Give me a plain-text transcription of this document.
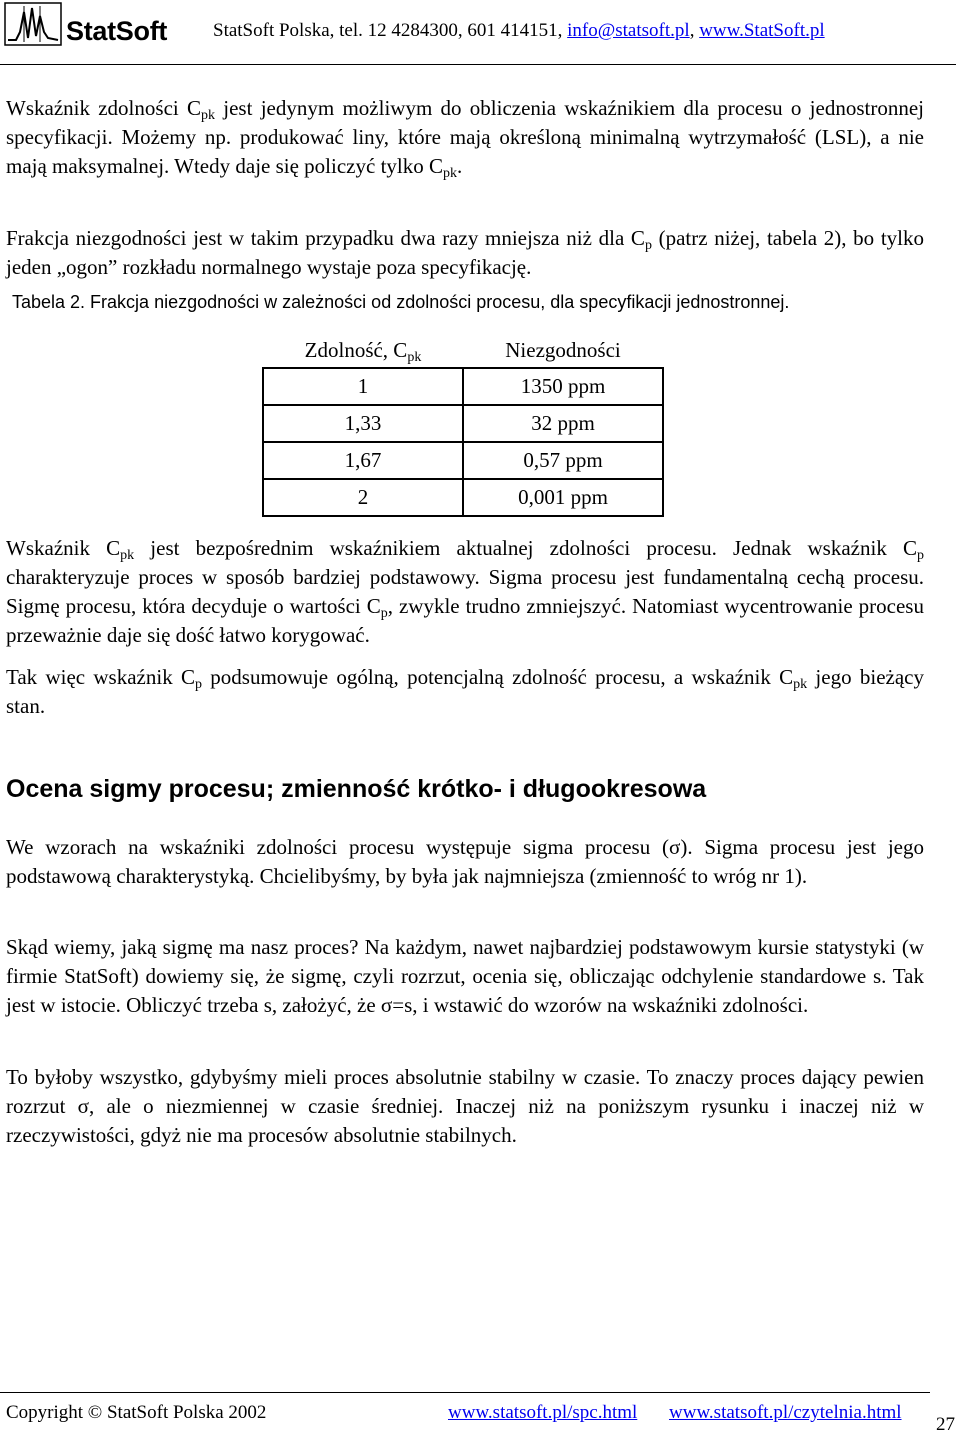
StatSoft StatSoft Polska, tel. 12 4284300, 601 414151, info@statsoft.pl, www.StatSoft.pl
Wskaźnik zdolności $C_{pk}$ jest jedynym możliwym do obliczenia wskaźnikiem dla procesu o jednostronnej specyfikacji. Możemy np. produkować liny, które mają określoną minimalną wytrzymałość (LSL), a nie mają maksymalnej. Wtedy daje się policzyć tylko $C_{pk}$.
Frakcja niezgodności jest w takim przypadku dwa razy mniejsza niż dla $C_p$ (patrz niżej, tabela 2), bo tylko jeden „ogon” rozkładu normalnego wystaje poza specyfikację.
Tabela 2. Frakcja niezgodności w zależności od zdolności procesu, dla specyfikacji jednostronnej.
Zdolność, $C_{pk}$	Niezgodności
1	1350 ppm
1,33	32 ppm
1,67	0,57 ppm
2	0,001 ppm
Wskaźnik $C_{pk}$ jest bezpośrednim wskaźnikiem aktualnej zdolności procesu. Jednak wskaźnik $C_p$ charakteryzuje proces w sposób bardziej podstawowy. Sigma procesu jest fundamentalną cechą procesu. Sigmę procesu, która decyduje o wartości $C_p$, zwykle trudno zmniejszyć. Natomiast wycentrowanie procesu przeważnie daje się dość łatwo korygować.
Tak więc wskaźnik $C_p$ podsumowuje ogólną, potencjalną zdolność procesu, a wskaźnik $C_{pk}$ jego bieżący stan.
Ocena sigmy procesu; zmienność krótko- i długookresowa
We wzorach na wskaźniki zdolności procesu występuje sigma procesu (σ). Sigma procesu jest jego podstawową charakterystyką. Chcielibyśmy, by była jak najmniejsza (zmienność to wróg nr 1).
Skąd wiemy, jaką sigmę ma nasz proces? Na każdym, nawet najbardziej podstawowym kursie statystyki (w firmie StatSoft) dowiemy się, że sigmę, czyli rozrzut, ocenia się, obliczając odchylenie standardowe s. Tak jest w istocie. Obliczyć trzeba s, założyć, że σ=s, i wstawić do wzorów na wskaźniki zdolności.
To byłoby wszystko, gdybyśmy mieli proces absolutnie stabilny w czasie. To znaczy proces dający pewien rozrzut σ, ale o niezmiennej w czasie średniej. Inaczej niż na poniższym rysunku i inaczej niż w rzeczywistości, gdyż nie ma procesów absolutnie stabilnych.
Copyright © StatSoft Polska 2002	www.statsoft.pl/spc.html www.statsoft.pl/czytelnia.html
27
